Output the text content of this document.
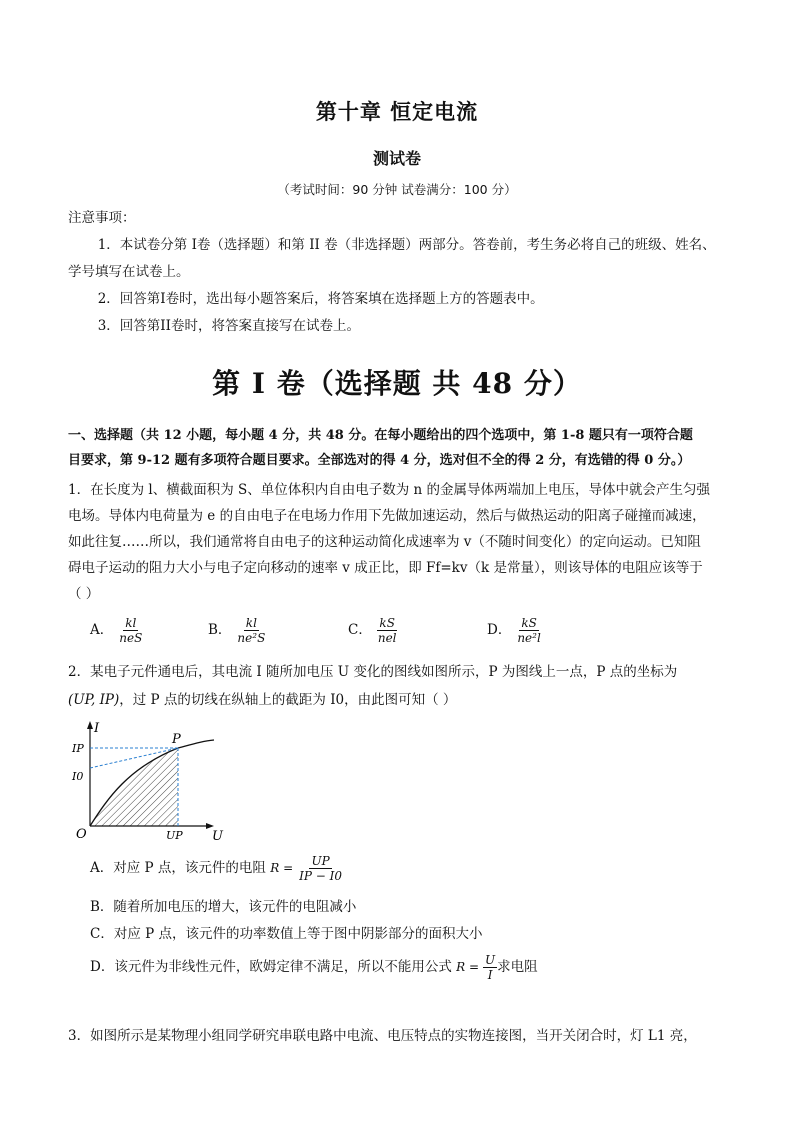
第十章 恒定电流
测试卷
（考试时间：90 分钟 试卷满分：100 分）
注意事项：
1．本试卷分第 I卷（选择题）和第 II 卷（非选择题）两部分。答卷前，考生务必将自己的班级、姓名、学号填写在试卷上。
2．回答第I卷时，选出每小题答案后，将答案填在选择题上方的答题表中。
3．回答第II卷时，将答案直接写在试卷上。
第 I 卷（选择题 共 48 分）
一、选择题（共 12 小题，每小题 4 分，共 48 分。在每小题给出的四个选项中，第 1-8 题只有一项符合题
目要求，第 9-12 题有多项符合题目要求。全部选对的得 4 分，选对但不全的得 2 分，有选错的得 0 分。）
1．在长度为 l、横截面积为 S、单位体积内自由电子数为 n 的金属导体两端加上电压，导体中就会产生匀强
电场。导体内电荷量为 e 的自由电子在电场力作用下先做加速运动，然后与做热运动的阳离子碰撞而减速，
如此往复……所以，我们通常将自由电子的这种运动简化成速率为 v（不随时间变化）的定向运动。已知阻
碍电子运动的阻力大小与电子定向移动的速率 v 成正比，即 Ff=kv（k 是常量），则该导体的电阻应该等于
（ ）
A． $\frac{kl}{\text{neS}}$	B． $\frac{kl}{\text{ne²S}}$	C． $\frac{kS}{\text{nel}}$	D． $\frac{kS}{\text{ne²l}}$
2．某电子元件通电后，其电流 I 随所加电压 U 变化的图线如图所示，P 为图线上一点，P 点的坐标为
(UP, IP)，过 P 点的切线在纵轴上的截距为 I0，由此图可知（ ）
I
U
O
P
IP
I0
UP
A．对应 P 点，该元件的电阻 $R = \frac{UP}{IP - I0}$
B．随着所加电压的增大，该元件的电阻减小
C．对应 P 点，该元件的功率数值上等于图中阴影部分的面积大小
D．该元件为非线性元件，欧姆定律不满足，所以不能用公式 $R = \frac{U}{I}$ 求电阻
3．如图所示是某物理小组同学研究串联电路中电流、电压特点的实物连接图，当开关闭合时，灯 L1 亮，
